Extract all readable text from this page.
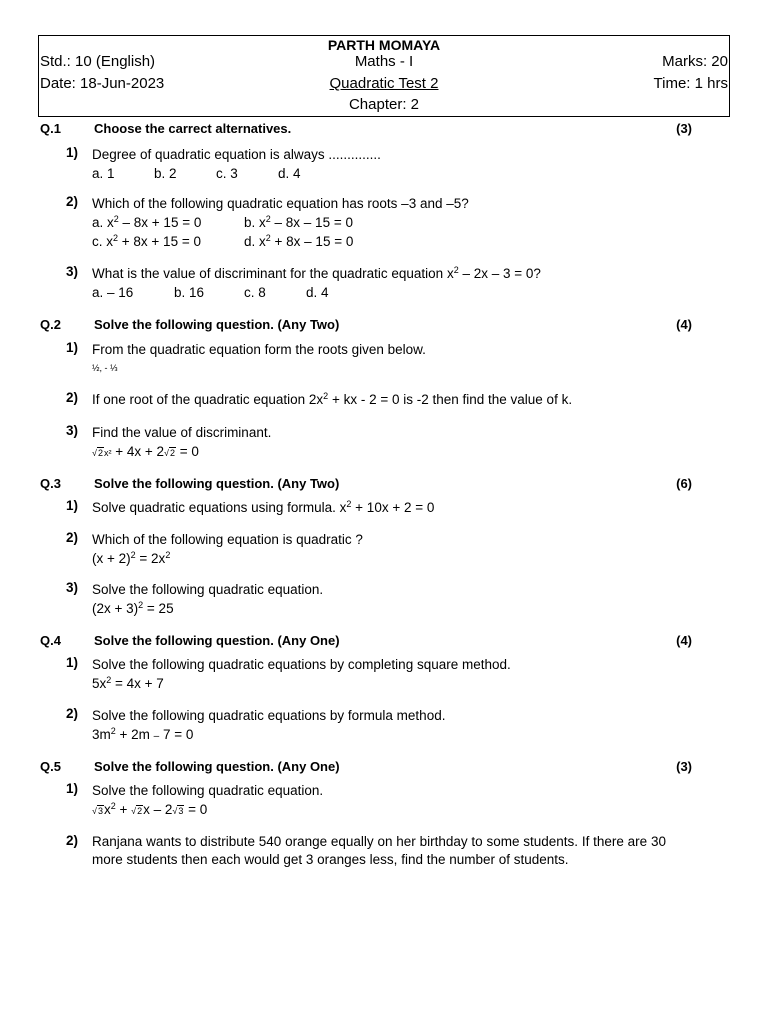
PARTH MOMAYA
Std.: 10 (English)	Maths - I	Marks: 20
Date: 18-Jun-2023	Quadratic Test 2	Time: 1 hrs
Chapter: 2
Q.1	Choose the carrect alternatives.	(3)
1) Degree of quadratic equation is always ..............
a. 1	b. 2	c. 3	d. 4
2) Which of the following quadratic equation has roots –3 and –5?
a. $x^2 - 8x + 15 = 0$	b. $x^2 - 8x - 15 = 0$
c. $x^2 + 8x + 15 = 0$	d. $x^2 + 8x - 15 = 0$
3) What is the value of discriminant for the quadratic equation $x^2 - 2x - 3 = 0$?
a. – 16	b. 16	c. 8	d. 4
Q.2	Solve the following question. (Any Two)	(4)
1) From the quadratic equation form the roots given below.
½, - ⅓
2) If one root of the quadratic equation $2x^2$ + kx - 2 = 0 is -2 then find the value of k.
3) Find the value of discriminant.
√2x² + 4x + 2√2 = 0
Q.3	Solve the following question. (Any Two)	(6)
1) Solve quadratic equations using formula. $x^2 + 10x + 2 = 0$
2) Which of the following equation is quadratic ?
$(x + 2)^2 = 2x^2$
3) Solve the following quadratic equation.
$(2x + 3)^2 = 25$
Q.4	Solve the following question. (Any One)	(4)
1) Solve the following quadratic equations by completing square method.
$5x^2 = 4x + 7$
2) Solve the following quadratic equations by formula method.
$3m^2 + 2m - 7 = 0$
Q.5	Solve the following question. (Any One)	(3)
1) Solve the following quadratic equation.
$√3x^2 + √2x - 2√3 = 0$
2) Ranjana wants to distribute 540 orange equally on her birthday to some students. If there are 30 more students then each would get 3 oranges less, find the number of students.
